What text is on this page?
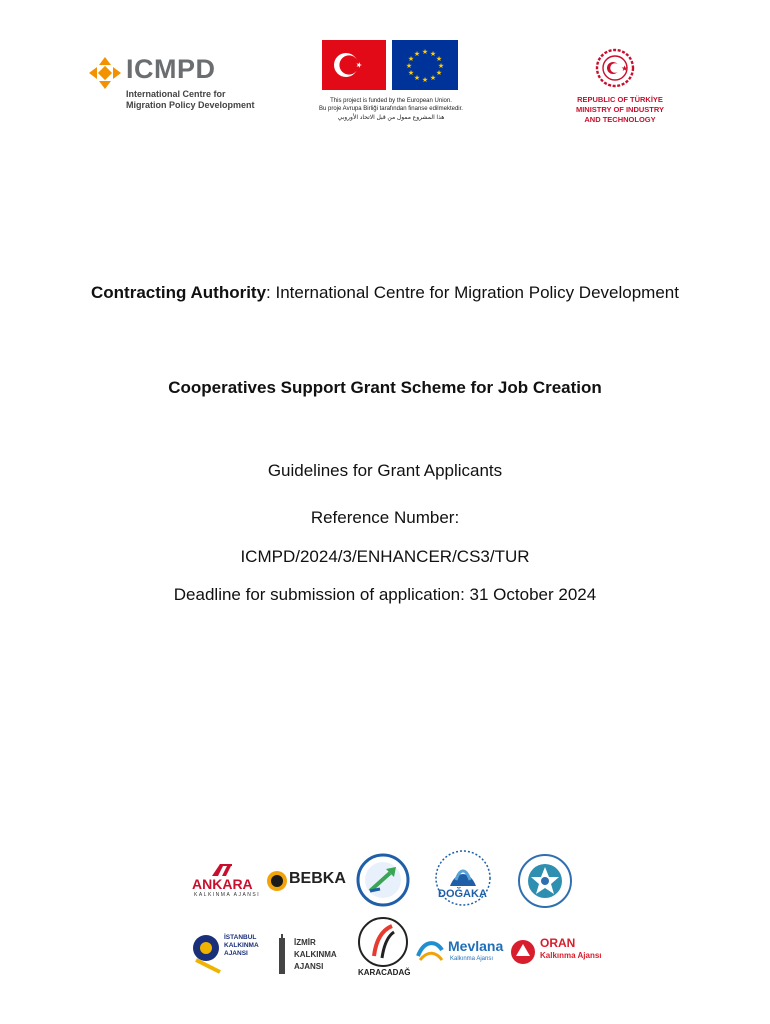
ICMPD
International Centre for
Migration Policy Development
★ ★
★
★
★
★
★
★
★
★
★
★
This project is funded by the European Union.
Bu proje Avrupa Birliği tarafından finanse edilmektedir.
هذا المشروع ممول من قبل الاتحاد الأوروبي
★
REPUBLIC OF TÜRKİYE
MINISTRY OF INDUSTRY
AND TECHNOLOGY
Contracting Authority: International Centre for Migration Policy Development
Cooperatives Support Grant Scheme for Job Creation
Guidelines for Grant Applicants
Reference Number:
ICMPD/2024/3/ENHANCER/CS3/TUR
Deadline for submission of application: 31 October 2024
ANKARA
KALKINMA AJANSI
BEBKA
DOĞAKA
İSTANBUL KALKINMA AJANSI
İZMİR
KALKINMA
AJANSI
KARACADAĞ
Mevlana
Kalkınma Ajansı
ORAN
Kalkınma Ajansı
